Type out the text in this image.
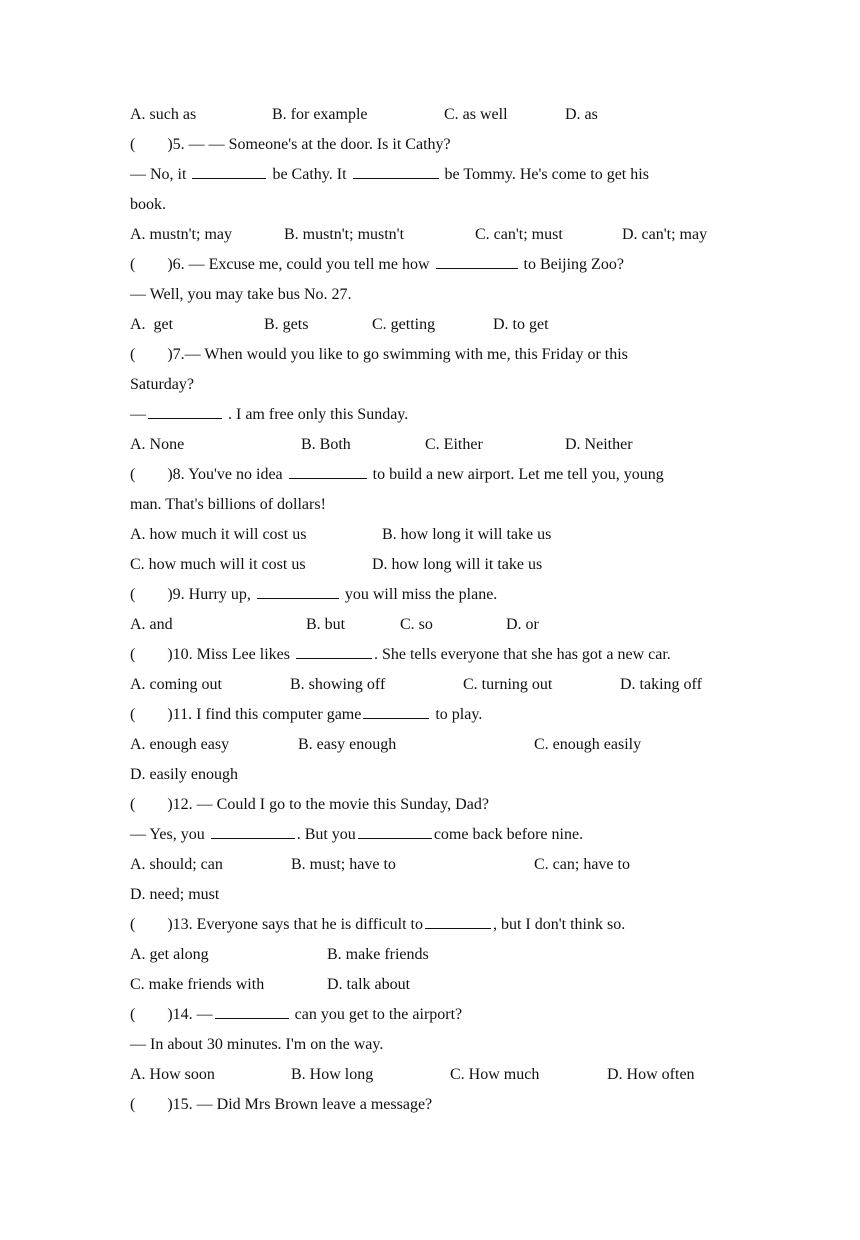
A. such as

	B. for example

	C. as well

	D. as

(        )5. — — Someone's at the door. Is it Cathy?
— No, it	be Cathy. It	be Tommy. He's come to get his
book.

A. mustn't; may

	B. mustn't; mustn't

	C. can't; must

	D. can't; may

(        )6. — Excuse me, could you tell me how	to Beijing Zoo?
— Well, you may take bus No. 27.

A.  get

	B. gets

	C. getting

	D. to get

(        )7.— When would you like to go swimming with me, this Friday or this
Saturday?
—	. I am free only this Sunday.

A. None

	B. Both

	C. Either

	D. Neither

(        )8. You've no idea	to build a new airport. Let me tell you, young
man. That's billions of dollars!

A. how much it will cost us

	B. how long it will take us

C. how much will it cost us

	D. how long will it take us

(        )9. Hurry up,	you will miss the plane.

A. and

	B. but

	C. so

	D. or

(        )10. Miss Lee likes	. She tells everyone that she has got a new car.

A. coming out

	B. showing off

	C. turning out

	D. taking off

(        )11. I find this computer game	to play.

A. enough easy

	B. easy enough

	C. enough easily

D. easily enough

(        )12. — Could I go to the movie this Sunday, Dad?
— Yes, you	. But you	come back before nine.

A. should; can

	B. must; have to

	C. can; have to

D. need; must

(        )13. Everyone says that he is difficult to	, but I don't think so.

A. get along

	B. make friends

C. make friends with

	D. talk about

(        )14. —	can you get to the airport?
— In about 30 minutes. I'm on the way.

A. How soon

	B. How long

	C. How much

	D. How often

(        )15. — Did Mrs Brown leave a message?
